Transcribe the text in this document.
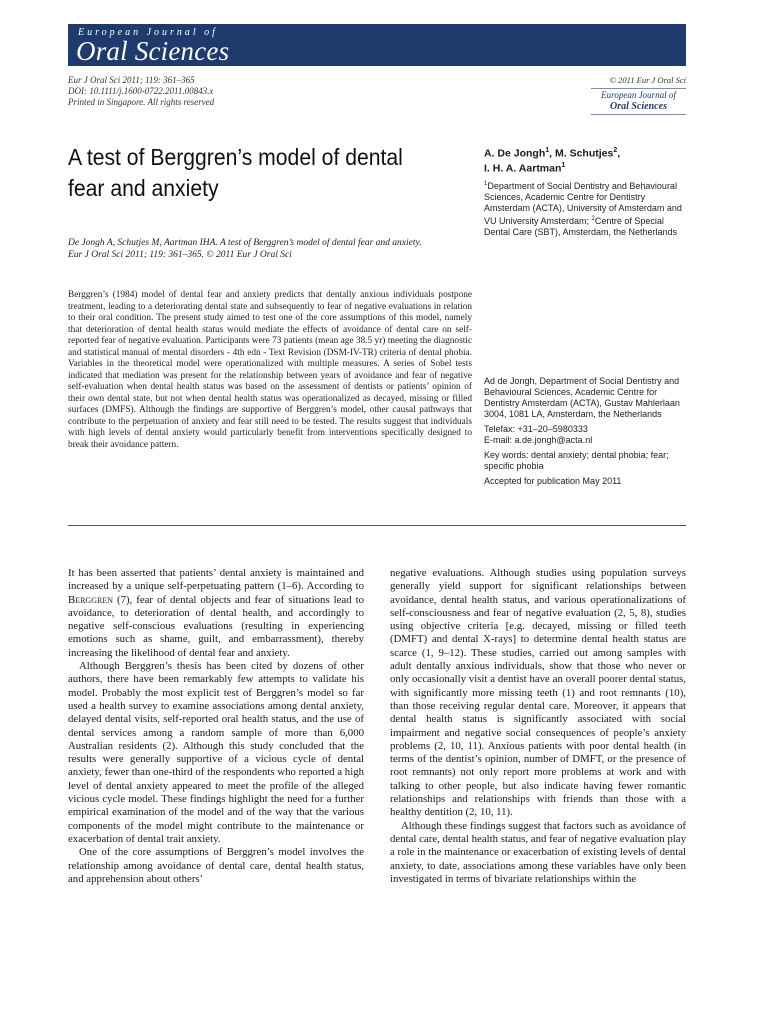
European Journal of
Oral Sciences
Eur J Oral Sci 2011; 119: 361–365
DOI: 10.1111/j.1600-0722.2011.00843.x
Printed in Singapore. All rights reserved
© 2011 Eur J Oral Sci
European Journal of
Oral Sciences
A test of Berggren’s model of dental fear and anxiety
A. De Jongh$^1$, M. Schutjes$^2$,
I. H. A. Aartman$^1$
$^1$Department of Social Dentistry and Behavioural Sciences, Academic Centre for Dentistry Amsterdam (ACTA), University of Amsterdam and VU University Amsterdam; $^2$Centre of Special Dental Care (SBT), Amsterdam, the Netherlands
De Jongh A, Schutjes M, Aartman IHA. A test of Berggren’s model of dental fear and anxiety.
Eur J Oral Sci 2011; 119: 361–365. © 2011 Eur J Oral Sci
Berggren’s (1984) model of dental fear and anxiety predicts that dentally anxious individuals postpone treatment, leading to a deteriorating dental state and subsequently to fear of negative evaluations in relation to their oral condition. The present study aimed to test one of the core assumptions of this model, namely that deterioration of dental health status would mediate the effects of avoidance of dental care on self-reported fear of negative evaluation. Participants were 73 patients (mean age 38.5 yr) meeting the diagnostic and statistical manual of mental disorders - 4th edn - Text Revision (DSM-IV-TR) criteria of dental phobia. Variables in the theoretical model were operationalized with multiple measures. A series of Sobel tests indicated that mediation was present for the relationship between years of avoidance and fear of negative self-evaluation when dental health status was based on the assessment of dentists or patients’ opinion of their own dental state, but not when dental health status was operationalized as decayed, missing or filled surfaces (DMFS). Although the findings are supportive of Berggren’s model, other causal pathways that contribute to the perpetuation of anxiety and fear still need to be tested. The results suggest that individuals with high levels of dental anxiety would particularly benefit from interventions specifically designed to break their avoidance pattern.
Ad de Jongh, Department of Social Dentistry and Behavioural Sciences, Academic Centre for Dentistry Amsterdam (ACTA), Gustav Mahlerlaan 3004, 1081 LA, Amsterdam, the Netherlands
Telefax: +31–20–5980333
E-mail: a.de.jongh@acta.nl
Key words: dental anxiety; dental phobia; fear; specific phobia
Accepted for publication May 2011

It has been asserted that patients’ dental anxiety is maintained and increased by a unique self-perpetuating pattern (1–6). According to Berggren (7), fear of dental objects and fear of situations lead to avoidance, to deterioration of dental health, and accordingly to negative self-conscious evaluations (resulting in experiencing emotions such as shame, guilt, and embarrassment), thereby increasing the likelihood of dental fear and anxiety.

Although Berggren’s thesis has been cited by dozens of other authors, there have been remarkably few attempts to validate his model. Probably the most explicit test of Berggren’s model so far used a health survey to examine associations among dental anxiety, delayed dental visits, self-reported oral health status, and the use of dental services among a random sample of more than 6,000 Australian residents (2). Although this study concluded that the results were generally supportive of a vicious cycle of dental anxiety, fewer than one-third of the respondents who reported a high level of dental anxiety appeared to meet the profile of the alleged vicious cycle model. These findings highlight the need for a further empirical examination of the model and of the way that the various components of the model might contribute to the maintenance or exacerbation of dental trait anxiety.

One of the core assumptions of Berggren’s model involves the relationship among avoidance of dental care, dental health status, and apprehension about others’

negative evaluations. Although studies using population surveys generally yield support for significant relationships between avoidance, dental health status, and various operationalizations of self-consciousness and fear of negative evaluation (2, 5, 8), studies using objective criteria [e.g. decayed, missing or filled teeth (DMFT) and dental X-rays] to determine dental health status are scarce (1, 9–12). These studies, carried out among samples with adult dentally anxious individuals, show that those who never or only occasionally visit a dentist have an overall poorer dental status, with significantly more missing teeth (1) and root remnants (10), than those receiving regular dental care. Moreover, it appears that dental health status is significantly associated with social impairment and negative social consequences of people’s anxiety problems (2, 10, 11). Anxious patients with poor dental health (in terms of the dentist’s opinion, number of DMFT, or the presence of root remnants) not only report more problems at work and with talking to other people, but also indicate having fewer romantic relationships and relationships with friends than those with a healthy dentition (2, 10, 11).

Although these findings suggest that factors such as avoidance of dental care, dental health status, and fear of negative evaluation play a role in the maintenance or exacerbation of existing levels of dental anxiety, to date, associations among these variables have only been investigated in terms of bivariate relationships within the
